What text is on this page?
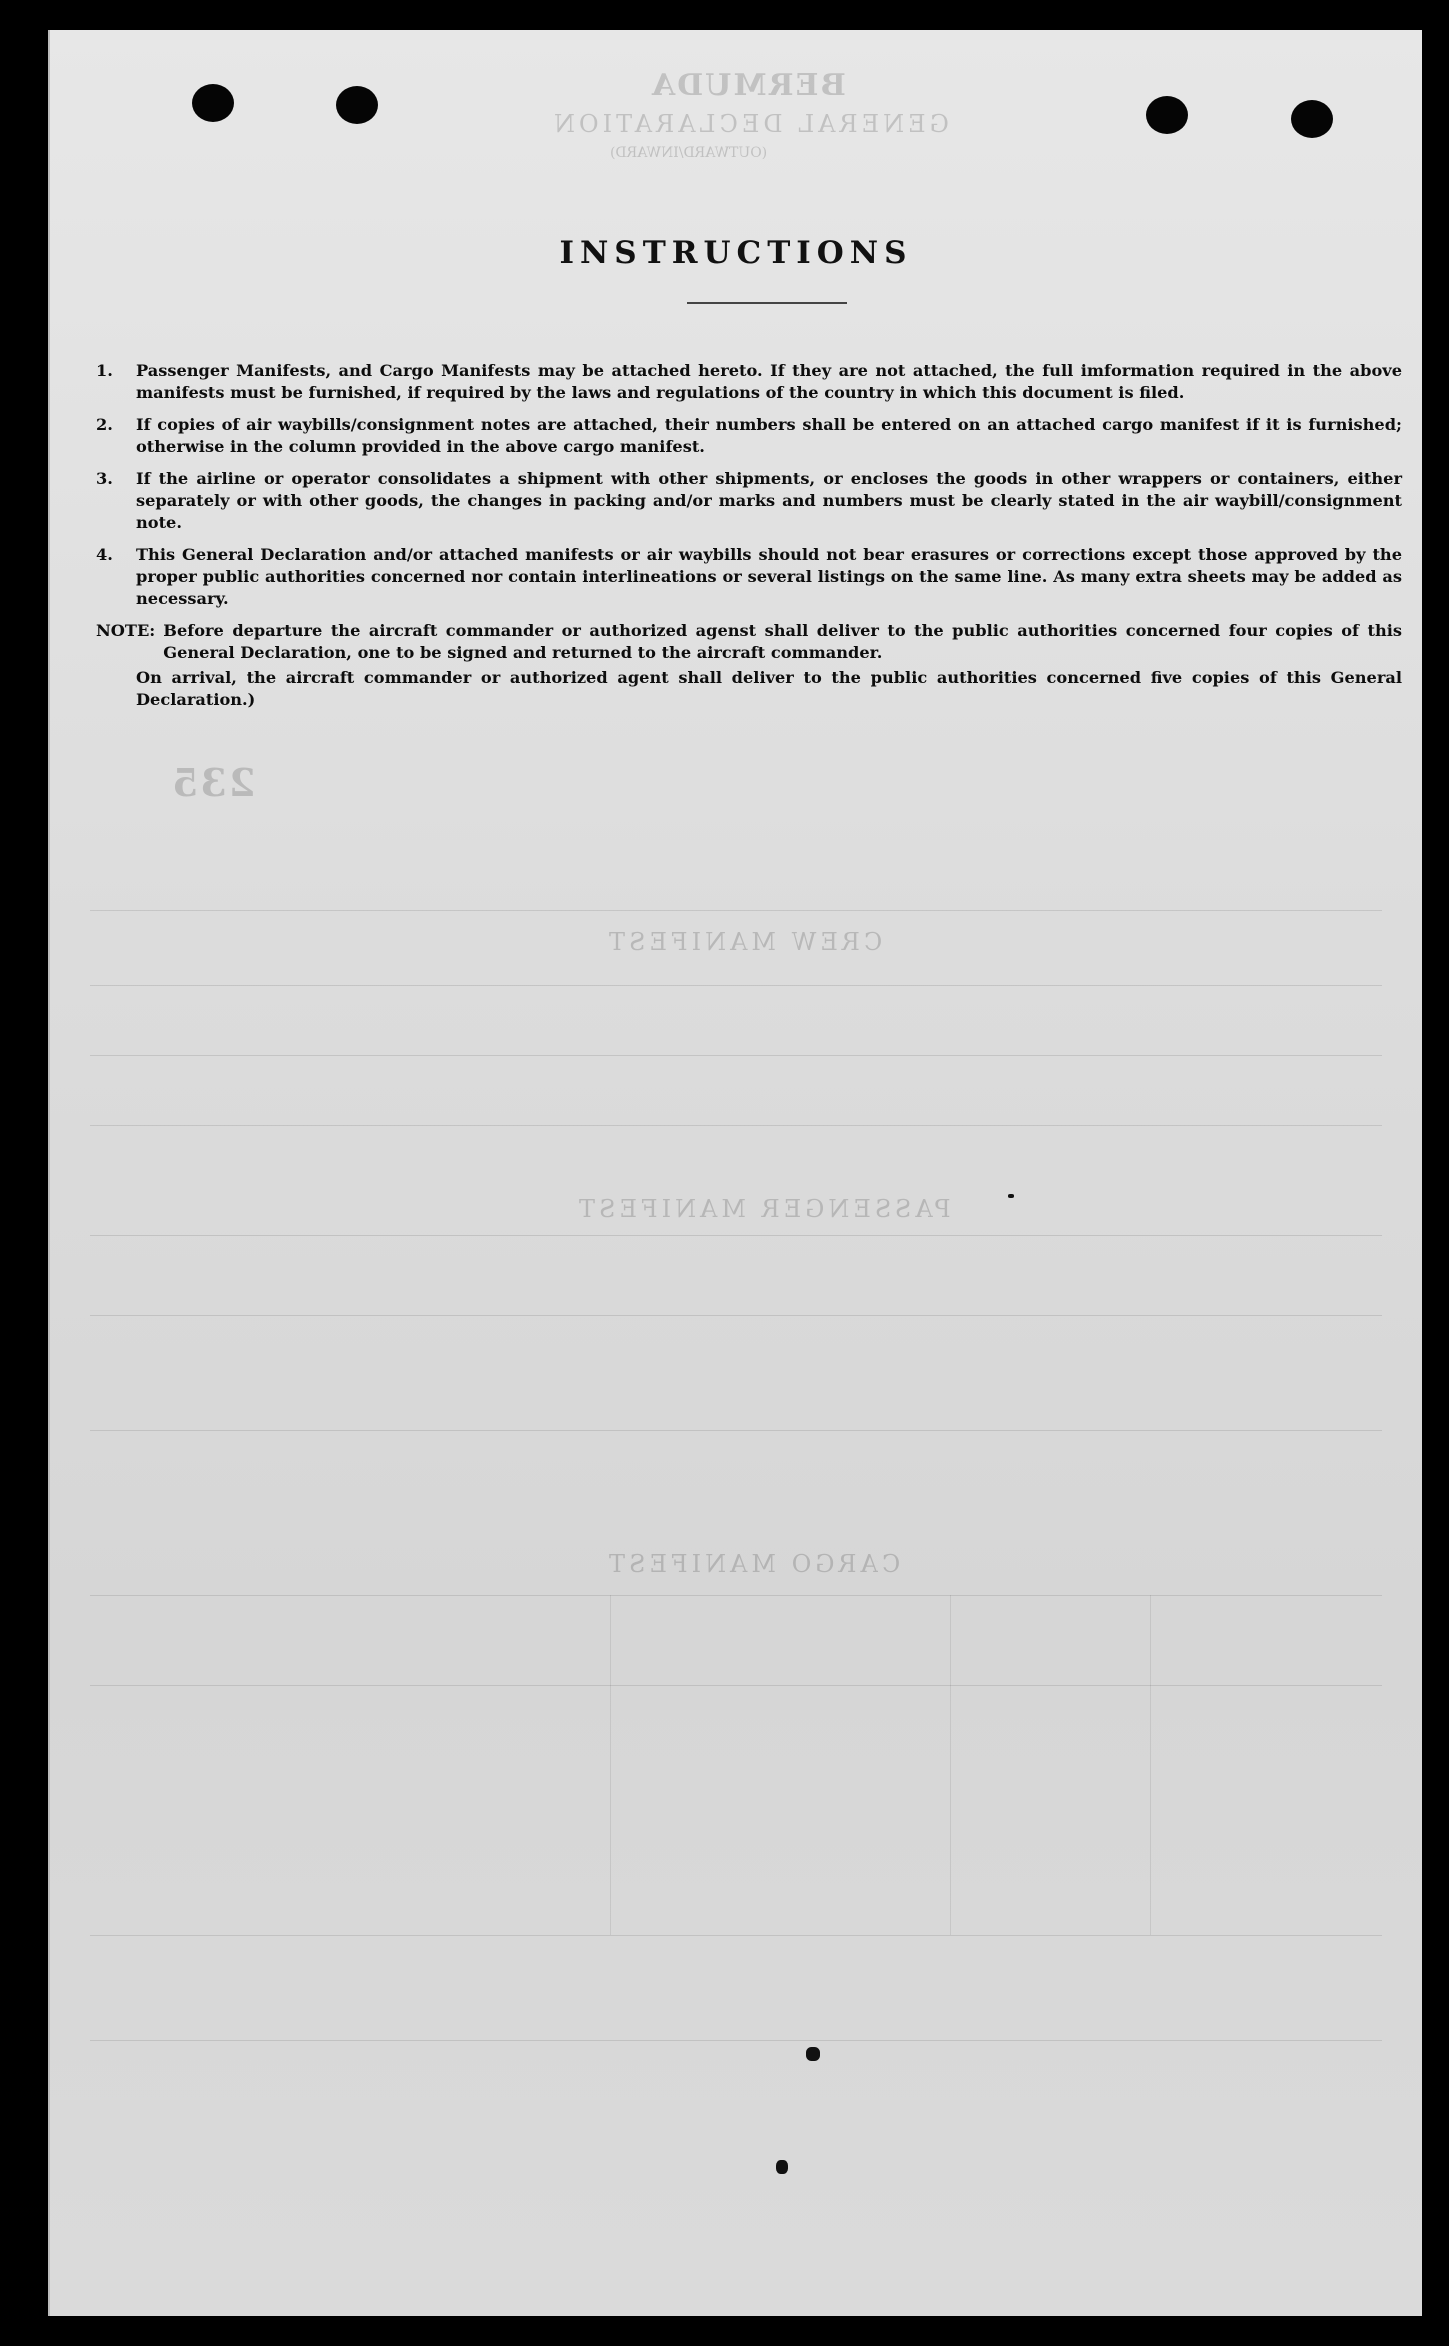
BERMUDA
GENERAL DECLARATION
(OUTWARD/INWARD)
CREW MANIFEST
PASSENGER MANIFEST
CARGO MANIFEST
235
INSTRUCTIONS
1.	Passenger Manifests, and Cargo Manifests may be attached hereto. If they are not attached, the full imformation required in the above manifests must be furnished, if required by the laws and regulations of the country in which this document is filed.
2.	If copies of air waybills/consignment notes are attached, their numbers shall be entered on an attached cargo manifest if it is furnished; otherwise in the column provided in the above cargo manifest.
3.	If the airline or operator consolidates a shipment with other shipments, or encloses the goods in other wrappers or containers, either separately or with other goods, the changes in packing and/or marks and numbers must be clearly stated in the air waybill/consignment note.
4.	This General Declaration and/or attached manifests or air waybills should not bear erasures or corrections except those approved by the proper public authorities concerned nor contain interlineations or several listings on the same line. As many extra sheets may be added as necessary.
NOTE: Before departure the aircraft commander or authorized agenst shall deliver to the public authorities concerned four copies of this General Declaration, one to be signed and returned to the aircraft commander.
On arrival, the aircraft commander or authorized agent shall deliver to the public authorities concerned five copies of this General Declaration.)
